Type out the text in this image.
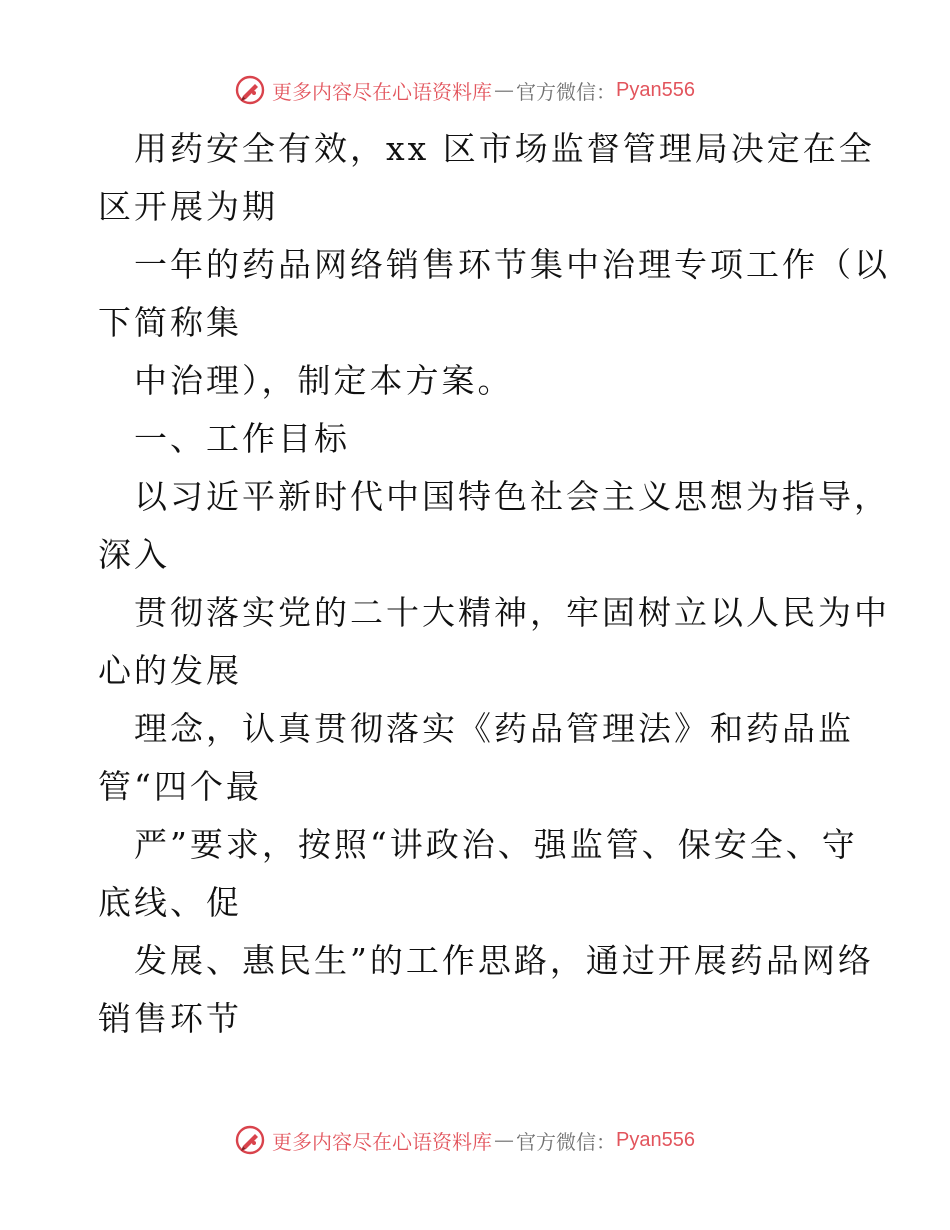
更多内容尽在心语资料库 — 官方微信： Pyan556
用药安全有效，xx 区市场监督管理局决定在全
区开展为期
一年的药品网络销售环节集中治理专项工作（以
下简称集
中治理），制定本方案。
一、工作目标
以习近平新时代中国特色社会主义思想为指导，
深入
贯彻落实党的二十大精神，牢固树立以人民为中
心的发展
理念，认真贯彻落实《药品管理法》和药品监
管“四个最
严”要求，按照“讲政治、强监管、保安全、守
底线、促
发展、惠民生”的工作思路，通过开展药品网络
销售环节
更多内容尽在心语资料库 — 官方微信： Pyan556
